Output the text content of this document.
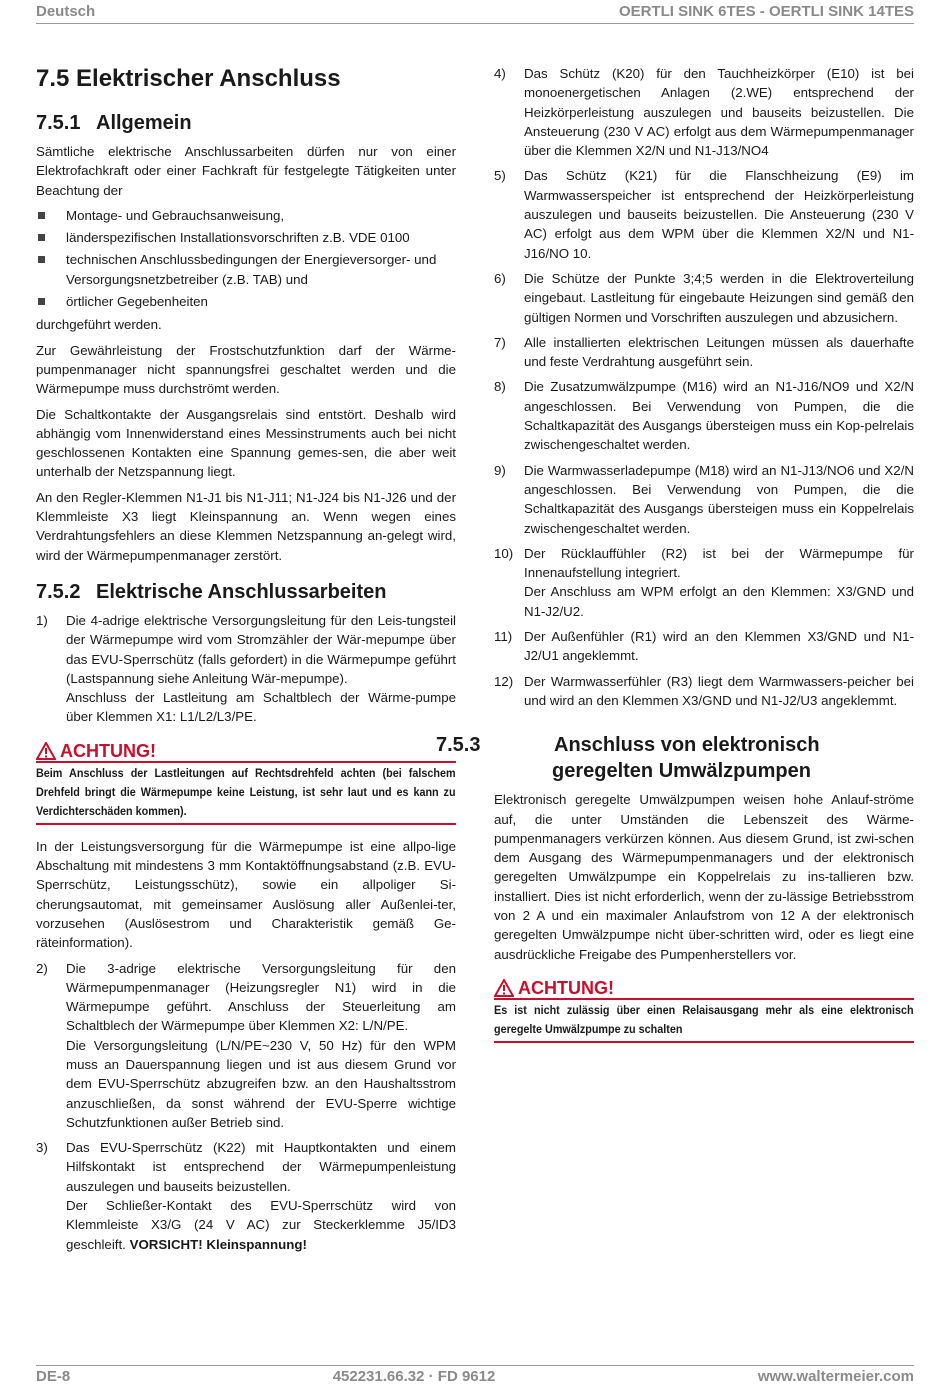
Deutsch	OERTLI SINK 6TES - OERTLI SINK 14TES
7.5 Elektrischer Anschluss
7.5.1 Allgemein

Sämtliche elektrische Anschlussarbeiten dürfen nur von einer Elektrofachkraft oder einer Fachkraft für festgelegte Tätigkeiten unter Beachtung der

Montage- und Gebrauchsanweisung,
länderspezifischen Installationsvorschriften z.B. VDE 0100
technischen Anschlussbedingungen der Energieversorger- und Versorgungsnetzbetreiber (z.B. TAB) und
örtlicher Gegebenheiten

durchgeführt werden.

Zur Gewährleistung der Frostschutzfunktion darf der Wärme-pumpenmanager nicht spannungsfrei geschaltet werden und die Wärmepumpe muss durchströmt werden.

Die Schaltkontakte der Ausgangsrelais sind entstört. Deshalb wird abhängig vom Innenwiderstand eines Messinstruments auch bei nicht geschlossenen Kontakten eine Spannung gemes-sen, die aber weit unterhalb der Netzspannung liegt.

An den Regler-Klemmen N1-J1 bis N1-J11; N1-J24 bis N1-J26 und der Klemmleiste X3 liegt Kleinspannung an. Wenn wegen eines Verdrahtungsfehlers an diese Klemmen Netzspannung an-gelegt wird, wird der Wärmepumpenmanager zerstört.

7.5.2 Elektrische Anschlussarbeiten
1) Die 4-adrige elektrische Versorgungsleitung für den Leis-tungsteil der Wärmepumpe wird vom Stromzähler der Wär-mepumpe über das EVU-Sperrschütz (falls gefordert) in die Wärmepumpe geführt (Lastspannung siehe Anleitung Wär-mepumpe).
Anschluss der Lastleitung am Schaltblech der Wärme-pumpe über Klemmen X1: L1/L2/L3/PE.
ACHTUNG!
Beim Anschluss der Lastleitungen auf Rechtsdrehfeld achten (bei falschem Drehfeld bringt die Wärmepumpe keine Leistung, ist sehr laut und es kann zu Verdichterschäden kommen).

In der Leistungsversorgung für die Wärmepumpe ist eine allpo-lige Abschaltung mit mindestens 3 mm Kontaktöffnungsabstand (z.B. EVU-Sperrschütz, Leistungsschütz), sowie ein allpoliger Si-cherungsautomat, mit gemeinsamer Auslösung aller Außenlei-ter, vorzusehen (Auslösestrom und Charakteristik gemäß Ge-räteinformation).

2) Die 3-adrige elektrische Versorgungsleitung für den Wärmepumpenmanager (Heizungsregler N1) wird in die Wärmepumpe geführt. Anschluss der Steuerleitung am Schaltblech der Wärmepumpe über Klemmen X2: L/N/PE.
Die Versorgungsleitung (L/N/PE~230 V, 50 Hz) für den WPM muss an Dauerspannung liegen und ist aus diesem Grund vor dem EVU-Sperrschütz abzugreifen bzw. an den Haushaltsstrom anzuschließen, da sonst während der EVU-Sperre wichtige Schutzfunktionen außer Betrieb sind.
3) Das EVU-Sperrschütz (K22) mit Hauptkontakten und einem Hilfskontakt ist entsprechend der Wärmepumpenleistung auszulegen und bauseits beizustellen.
Der Schließer-Kontakt des EVU-Sperrschütz wird von Klemmleiste X3/G (24 V AC) zur Steckerklemme J5/ID3 geschleift. VORSICHT! Kleinspannung!
4) Das Schütz (K20) für den Tauchheizkörper (E10) ist bei monoenergetischen Anlagen (2.WE) entsprechend der Heizkörperleistung auszulegen und bauseits beizustellen. Die Ansteuerung (230 V AC) erfolgt aus dem Wärmepumpenmanager über die Klemmen X2/N und N1-J13/NO4
5) Das Schütz (K21) für die Flanschheizung (E9) im Warmwasserspeicher ist entsprechend der Heizkörperleistung auszulegen und bauseits beizustellen. Die Ansteuerung (230 V AC) erfolgt aus dem WPM über die Klemmen X2/N und N1-J16/NO 10.
6) Die Schütze der Punkte 3;4;5 werden in die Elektroverteilung eingebaut. Lastleitung für eingebaute Heizungen sind gemäß den gültigen Normen und Vorschriften auszulegen und abzusichern.
7) Alle installierten elektrischen Leitungen müssen als dauerhafte und feste Verdrahtung ausgeführt sein.
8) Die Zusatzumwälzpumpe (M16) wird an N1-J16/NO9 und X2/N angeschlossen. Bei Verwendung von Pumpen, die die Schaltkapazität des Ausgangs übersteigen muss ein Kop-pelrelais zwischengeschaltet werden.
9) Die Warmwasserladepumpe (M18) wird an N1-J13/NO6 und X2/N angeschlossen. Bei Verwendung von Pumpen, die die Schaltkapazität des Ausgangs übersteigen muss ein Koppelrelais zwischengeschaltet werden.
10) Der Rücklauffühler (R2) ist bei der Wärmepumpe für Innenaufstellung integriert.
Der Anschluss am WPM erfolgt an den Klemmen: X3/GND und N1-J2/U2.
11) Der Außenfühler (R1) wird an den Klemmen X3/GND und N1-J2/U1 angeklemmt.
12) Der Warmwasserfühler (R3) liegt dem Warmwassers-peicher bei und wird an den Klemmen X3/GND und N1-J2/U3 angeklemmt.
7.5.3	Anschluss von elektronisch geregelten Umwälzpumpen

Elektronisch geregelte Umwälzpumpen weisen hohe Anlauf-ströme auf, die unter Umständen die Lebenszeit des Wärme-pumpenmanagers verkürzen können. Aus diesem Grund, ist zwi-schen dem Ausgang des Wärmepumpenmanagers und der elektronisch geregelten Umwälzpumpe ein Koppelrelais zu ins-tallieren bzw. installiert. Dies ist nicht erforderlich, wenn der zu-lässige Betriebsstrom von 2 A und ein maximaler Anlaufstrom von 12 A der elektronisch geregelten Umwälzpumpe nicht über-schritten wird, oder es liegt eine ausdrückliche Freigabe des Pumpenherstellers vor.

ACHTUNG!
Es ist nicht zulässig über einen Relaisausgang mehr als eine elektronisch geregelte Umwälzpumpe zu schalten
DE-8	452231.66.32 · FD 9612	www.waltermeier.com
